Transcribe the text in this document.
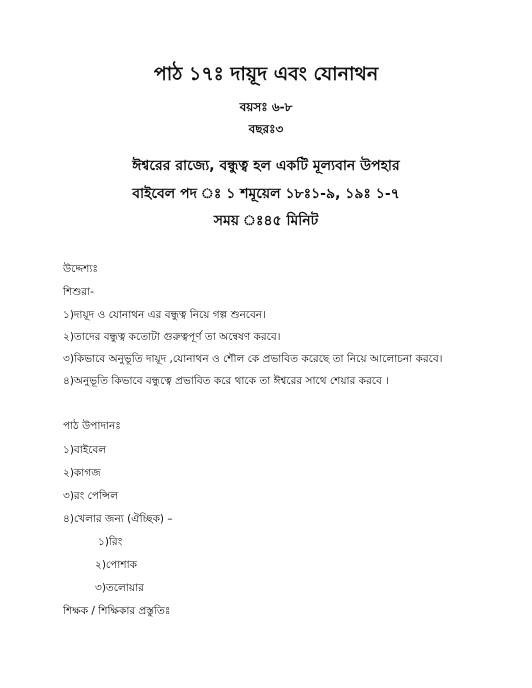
পাঠ ১৭ঃ দায়ূদ এবং যোনাথন
বয়সঃ ৬-৮
বছরঃ৩
ঈশ্বরের রাজ্যে, বন্ধুত্ব হল একটি মূল্যবান উপহার
বাইবেল পদ ঃ ১ শমূয়েল ১৮ঃ১-৯, ১৯ঃ ১-৭
সময় ঃ৪৫ মিনিট
উদ্দেশ্যঃ
শিশুরা-
১)দায়ূদ ও যোনাথন এর বন্ধুত্ব নিয়ে গল্প শুনবেন।
২)তাদের বন্ধুত্ব কতোটা গুরুত্বপূর্ণ তা অন্বেষণ করবে।
৩)কিভাবে অনুভূতি দায়ূদ ,যোনাথন ও শৌল কে প্রভাবিত করেছে তা নিয়ে আলোচনা করবে।
৪)অনুভূতি কিভাবে বন্ধুত্বে প্রভাবিত করে থাকে তা ঈশ্বরের সাথে শেয়ার করবে ।
পাঠ উপাদানঃ
১)বাইবেল
২)কাগজ
৩)রং পেন্সিল
৪)খেলার জন্য (ঐচ্ছিক) –
১)রিং
২)পোশাক
৩)তলোয়ার
শিক্ষক / শিক্ষিকার প্রস্তুতিঃ
